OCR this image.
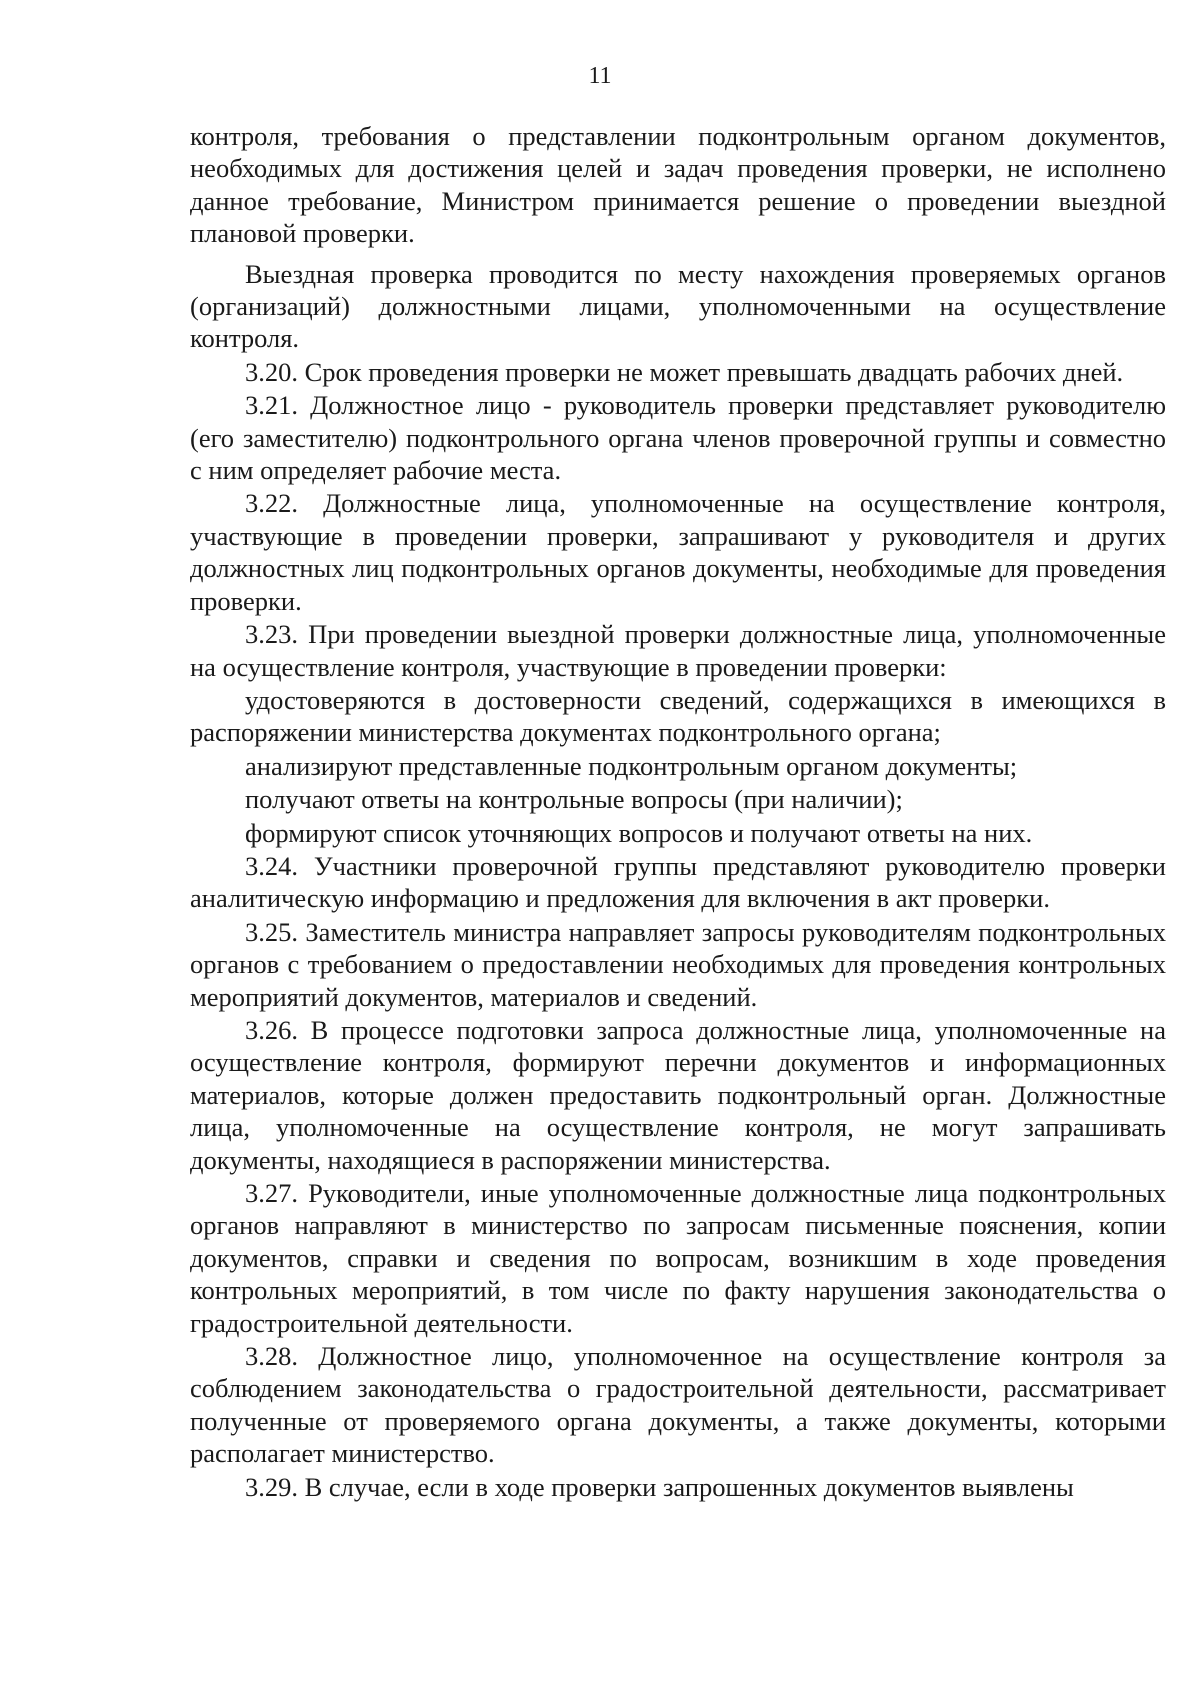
11

контроля, требования о представлении подконтрольным органом документов, необходимых для достижения целей и задач проведения проверки, не исполнено данное требование, Министром принимается решение о проведении выездной плановой проверки.

Выездная проверка проводится по месту нахождения проверяемых органов (организаций) должностными лицами, уполномоченными на осуществление контроля.

3.20. Срок проведения проверки не может превышать двадцать рабочих дней.

3.21. Должностное лицо - руководитель проверки представляет руководителю (его заместителю) подконтрольного органа членов проверочной группы и совместно с ним определяет рабочие места.

3.22. Должностные лица, уполномоченные на осуществление контроля, участвующие в проведении проверки, запрашивают у руководителя и других должностных лиц подконтрольных органов документы, необходимые для проведения проверки.

3.23. При проведении выездной проверки должностные лица, уполномоченные на осуществление контроля, участвующие в проведении проверки:

удостоверяются в достоверности сведений, содержащихся в имеющихся в распоряжении министерства документах подконтрольного органа;

анализируют представленные подконтрольным органом документы;

получают ответы на контрольные вопросы (при наличии);

формируют список уточняющих вопросов и получают ответы на них.

3.24. Участники проверочной группы представляют руководителю проверки аналитическую информацию и предложения для включения в акт проверки.

3.25. Заместитель министра направляет запросы руководителям подконтрольных органов с требованием о предоставлении необходимых для проведения контрольных мероприятий документов, материалов и сведений.

3.26. В процессе подготовки запроса должностные лица, уполномоченные на осуществление контроля, формируют перечни документов и информационных материалов, которые должен предоставить подконтрольный орган. Должностные лица, уполномоченные на осуществление контроля, не могут запрашивать документы, находящиеся в распоряжении министерства.

3.27. Руководители, иные уполномоченные должностные лица подконтрольных органов направляют в министерство по запросам письменные пояснения, копии документов, справки и сведения по вопросам, возникшим в ходе проведения контрольных мероприятий, в том числе по факту нарушения законодательства о градостроительной деятельности.

3.28. Должностное лицо, уполномоченное на осуществление контроля за соблюдением законодательства о градостроительной деятельности, рассматривает полученные от проверяемого органа документы, а также документы, которыми располагает министерство.

3.29. В случае, если в ходе проверки запрошенных документов выявлены
